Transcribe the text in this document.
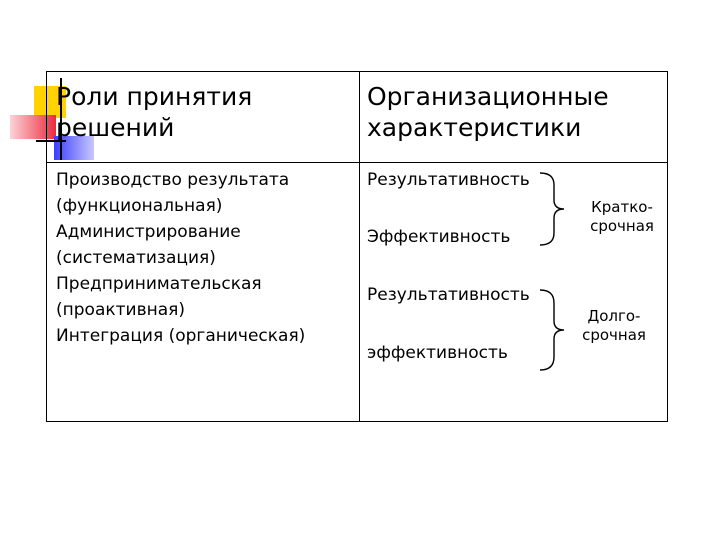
Роли принятия
решений
Организационные
характеристики
Производство результата
(функциональная)
Администрирование
(систематизация)
Предпринимательская
(проактивная)
Интеграция (органическая)
Результативность
Эффективность
Результативность
эффективность
Кратко-
срочная
Долго-
срочная
